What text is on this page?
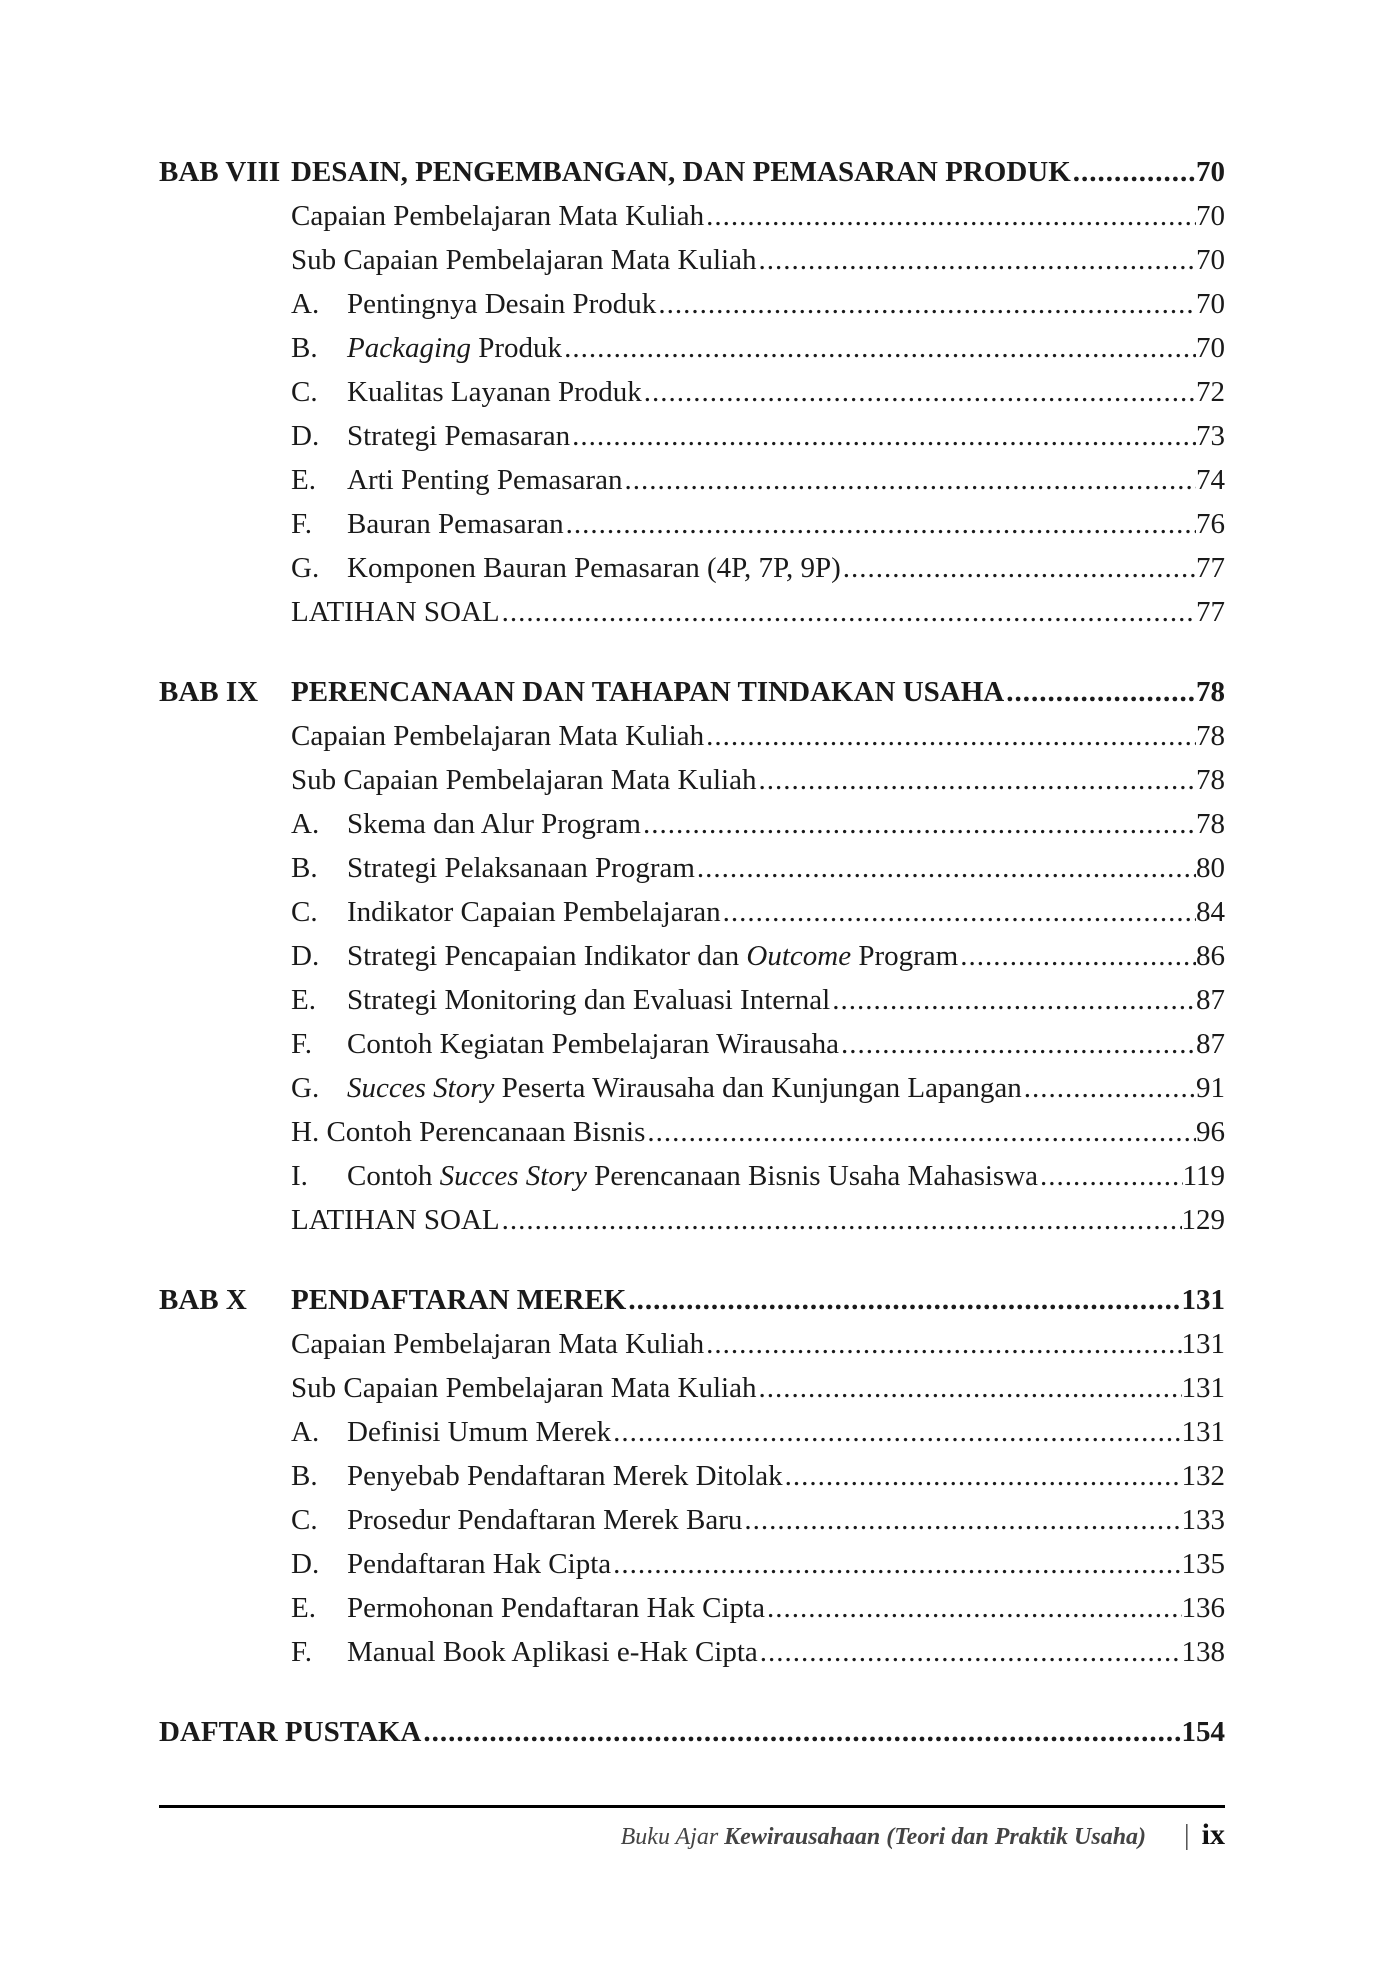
BAB VIII DESAIN, PENGEMBANGAN, DAN PEMASARAN PRODUK .....	70
Capaian Pembelajaran Mata Kuliah .....	70
Sub Capaian Pembelajaran Mata Kuliah .....	70
A. Pentingnya Desain Produk .....	70
B.	Packaging Produk .....	70
C.	Kualitas Layanan Produk .....	72
D. Strategi Pemasaran .....	73
E.	Arti Penting Pemasaran .....	74
F.	Bauran Pemasaran .....	76
G. Komponen Bauran Pemasaran (4P, 7P, 9P) .....	77
LATIHAN SOAL .....	77
BAB IX	PERENCANAAN DAN TAHAPAN TINDAKAN USAHA .....	78
Capaian Pembelajaran Mata Kuliah .....	78
Sub Capaian Pembelajaran Mata Kuliah .....	78
A. Skema dan Alur Program .....	78
B.	Strategi Pelaksanaan Program .....	80
C.	Indikator Capaian Pembelajaran .....	84
D. Strategi Pencapaian Indikator dan Outcome Program .....	86
E.	Strategi Monitoring dan Evaluasi Internal .....	87
F.	Contoh Kegiatan Pembelajaran Wirausaha .....	87
G. Succes Story Peserta Wirausaha dan Kunjungan Lapangan .....	91
H. Contoh Perencanaan Bisnis .....	96
I.	Contoh Succes Story Perencanaan Bisnis Usaha Mahasiswa .....	119
LATIHAN SOAL .....	129
BAB X	PENDAFTARAN MEREK .....	131
Capaian Pembelajaran Mata Kuliah .....	131
Sub Capaian Pembelajaran Mata Kuliah .....	131
A. Definisi Umum Merek .....	131
B.	Penyebab Pendaftaran Merek Ditolak .....	132
C.	Prosedur Pendaftaran Merek Baru .....	133
D. Pendaftaran Hak Cipta .....	135
E.	Permohonan Pendaftaran Hak Cipta .....	136
F.	Manual Book Aplikasi e-Hak Cipta .....	138
DAFTAR PUSTAKA .....	154
Buku Ajar Kewirausahaan (Teori dan Praktik Usaha) | ix
